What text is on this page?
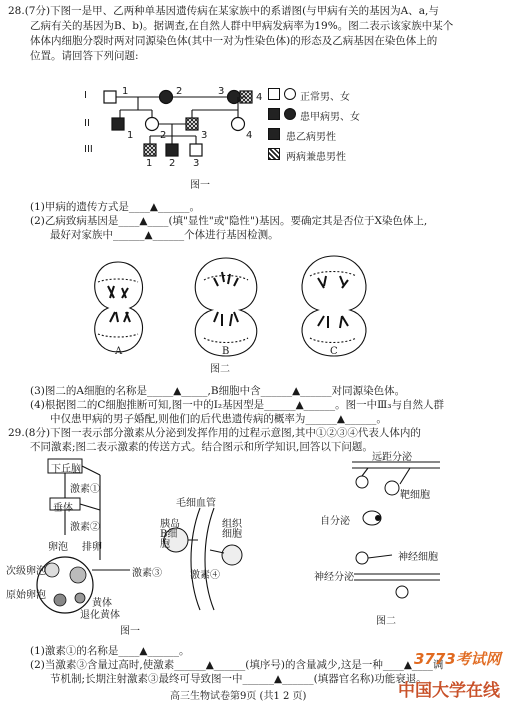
28.(7分)下图一是甲、乙两种单基因遗传病在某家族中的系谱图(与甲病有关的基因为A、a,与
乙病有关的基因为B、b)。据调查,在自然人群中甲病发病率为19%。图二表示该家族中某个
体体内细胞分裂时两对同源染色体(其中一对为性染色体)的形态及乙病基因在染色体上的
位置。请回答下列问题:
I
II
III
1	2	3
4
1	2	3	4
1 2 3
正常男、女
患甲病男、女
患乙病男性
两病兼患男性
图一
(1)甲病的遗传方式是____▲______。
(2)乙病致病基因是____▲____(填"显性"或"隐性")基因。要确定其是否位于X染色体上,
最好对家族中______▲______个体进行基因检测。
A	B	C
图二
(3)图二的A细胞的名称是_____▲_____,B细胞中含______▲______对同源染色体。
(4)根据图二的C细胞推断可知,图一中的Ⅰ₂基因型是______▲______。图一中Ⅲ₃与自然人群
中仅患甲病的男子婚配,则他们的后代患遗传病的概率为______▲______。
29.(8分)下图一表示部分激素从分泌到发挥作用的过程示意图,其中①②③④代表人体内的
不同激素;图二表示激素的传送方式。结合图示和所学知识,回答以下问题。
下丘脑
激素①
垂体
激素②
卵泡 排卵
次级卵泡	激素③
原始卵泡
黄体
退化黄体
毛细血管
胰岛B细胞
组织细胞
激素④
图一
远距分泌
靶细胞
自分泌
神经细胞
神经分泌
图二
(1)激素①的名称是____▲______。
(2)当激素③含量过高时,使激素______▲______(填序号)的含量减少,这是一种____▲____调
节机制;长期注射激素③最终可导致图一中______▲______(填器官名称)功能衰退。
高三生物试卷第9页 (共1 2 页)
3773考试网
中国大学在线
